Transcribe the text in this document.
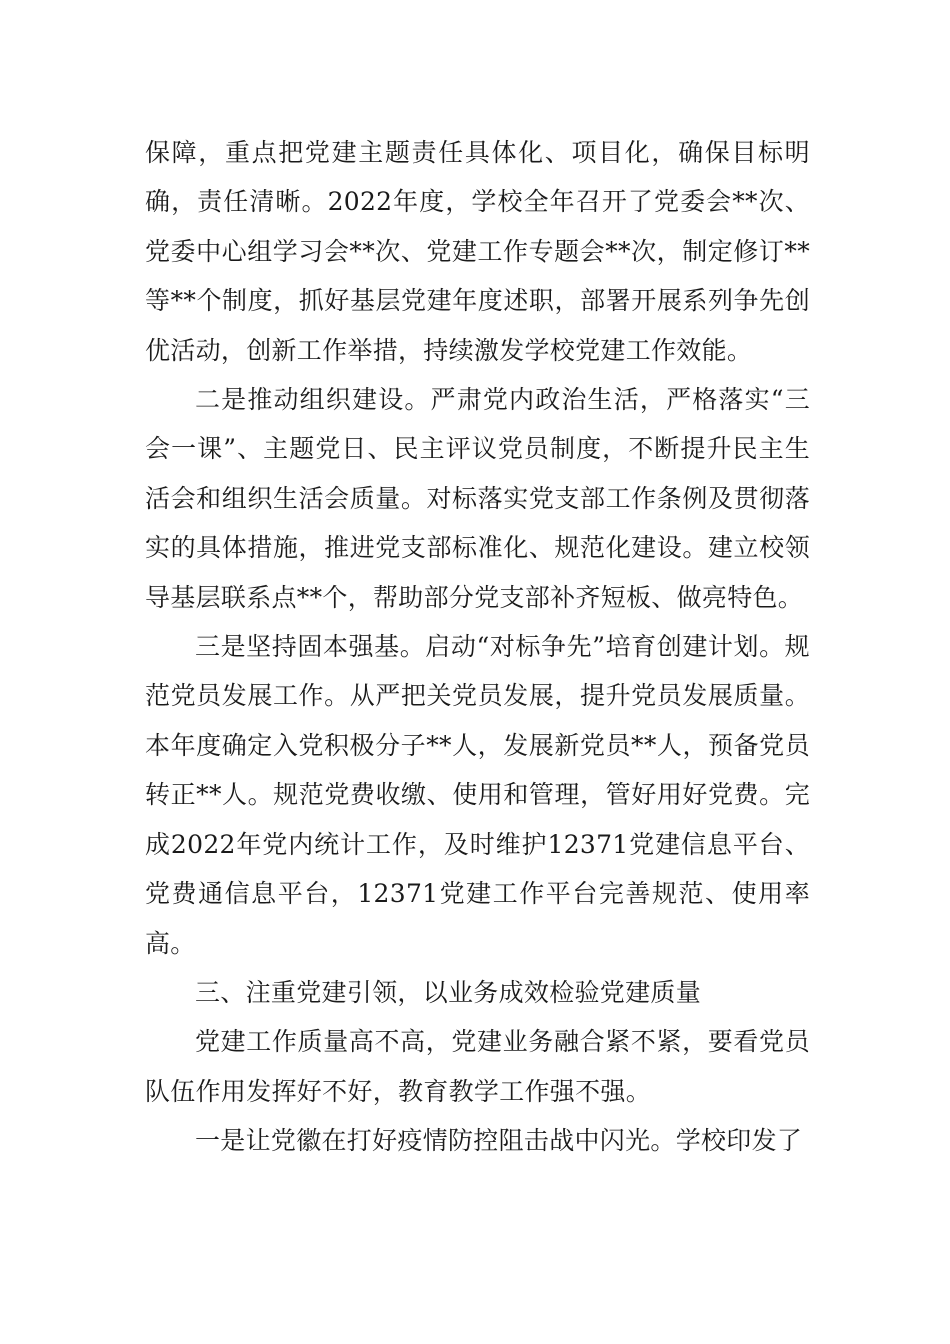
保障，重点把党建主题责任具体化、项目化，确保目标明确，责任清晰。2022年度，学校全年召开了党委会**次、党委中心组学习会**次、党建工作专题会**次，制定修订**等**个制度，抓好基层党建年度述职，部署开展系列争先创优活动，创新工作举措，持续激发学校党建工作效能。

二是推动组织建设。严肃党内政治生活，严格落实“三会一课”、主题党日、民主评议党员制度，不断提升民主生活会和组织生活会质量。对标落实党支部工作条例及贯彻落实的具体措施，推进党支部标准化、规范化建设。建立校领导基层联系点**个，帮助部分党支部补齐短板、做亮特色。

三是坚持固本强基。启动“对标争先”培育创建计划。规范党员发展工作。从严把关党员发展，提升党员发展质量。本年度确定入党积极分子**人，发展新党员**人，预备党员转正**人。规范党费收缴、使用和管理，管好用好党费。完成2022年党内统计工作，及时维护12371党建信息平台、党费通信息平台，12371党建工作平台完善规范、使用率高。

三、注重党建引领，以业务成效检验党建质量

党建工作质量高不高，党建业务融合紧不紧，要看党员队伍作用发挥好不好，教育教学工作强不强。

一是让党徽在打好疫情防控阻击战中闪光。学校印发了
